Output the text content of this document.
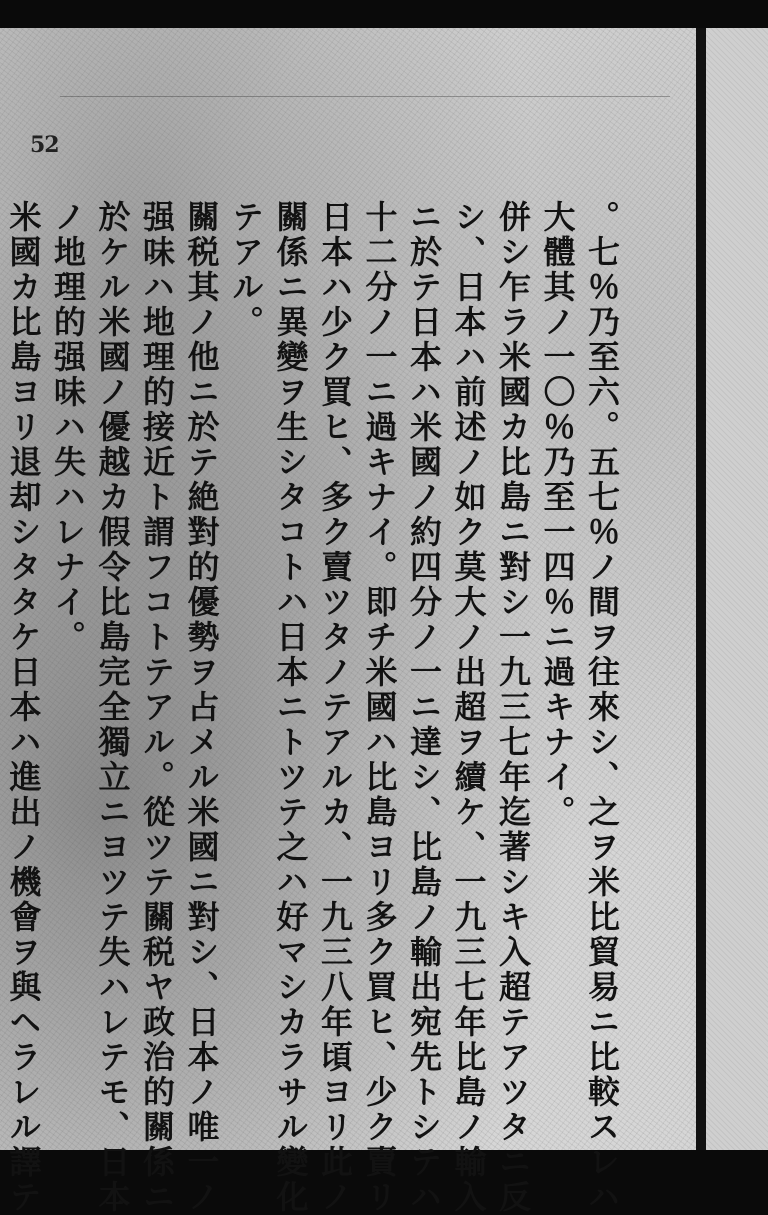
52
。七％乃至六。五七％ノ間ヲ往來シ、之ヲ米比貿易ニ比較スレハ
大體其ノ一〇％乃至一四％ニ過キナイ。
併シ乍ラ米國カ比島ニ對シ一九三七年迄著シキ入超テアツタニ反
シ、日本ハ前述ノ如ク莫大ノ出超ヲ續ケ、一九三七年比島ノ輸入
ニ於テ日本ハ米國ノ約四分ノ一ニ達シ、比島ノ輸出宛先トシテハ
十二分ノ一ニ過キナイ。即チ米國ハ比島ヨリ多ク買ヒ、少ク賣リ
日本ハ少ク買ヒ、多ク賣ツタノテアルカ、一九三八年頃ヨリ此ノ
關係ニ異變ヲ生シタコトハ日本ニトツテ之ハ好マシカラサル變化
テアル。
關税其ノ他ニ於テ絶對的優勢ヲ占メル米國ニ對シ、日本ノ唯一ノ
强味ハ地理的接近ト謂フコトテアル。從ツテ關税ヤ政治的關係ニ
於ケル米國ノ優越カ假令比島完全獨立ニヨツテ失ハレテモ、日本
ノ地理的强味ハ失ハレナイ。
米國カ比島ヨリ退却シタタケ日本ハ進出ノ機會ヲ與ヘラレル譯テ
